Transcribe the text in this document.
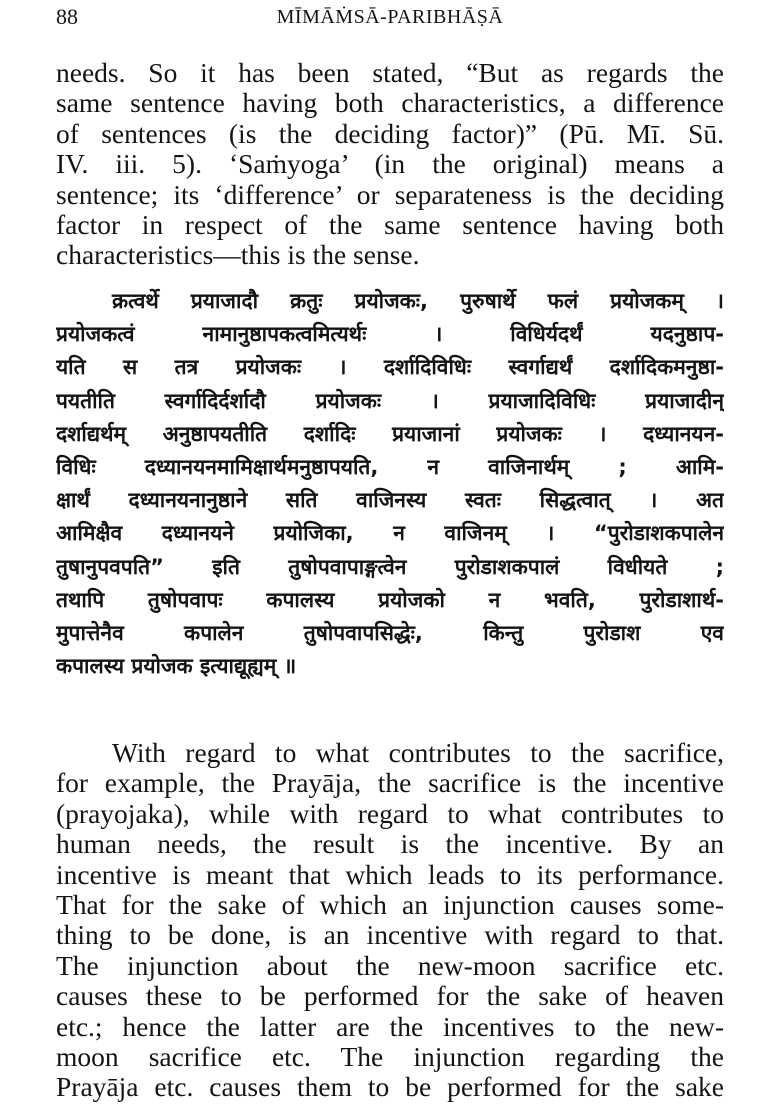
88	MĪMĀṀSĀ-PARIBHĀṢĀ
needs. So it has been stated, “But as regards the
same sentence having both characteristics, a difference
of sentences (is the deciding factor)” (Pū. Mī. Sū.
IV. iii. 5). ‘Saṁyoga’ (in the original) means a
sentence; its ‘difference’ or separateness is the deciding
factor in respect of the same sentence having both
characteristics—this is the sense.
क्रत्वर्थे प्रयाजादौ क्रतुः प्रयोजकः, पुरुषार्थे फलं प्रयोजकम् ।
प्रयोजकत्वं नामानुष्ठापकत्वमित्यर्थः । विधिर्यदर्थं यदनुष्ठाप-
यति स तत्र प्रयोजकः । दर्शादिविधिः स्वर्गाद्यर्थं दर्शादिकमनुष्ठा-
पयतीति स्वर्गादिर्दर्शादौ प्रयोजकः । प्रयाजादिविधिः प्रयाजादीन्
दर्शाद्यर्थम् अनुष्ठापयतीति दर्शादिः प्रयाजानां प्रयोजकः । दध्यानयन-
विधिः दध्यानयनमामिक्षार्थमनुष्ठापयति, न वाजिनार्थम् ; आमि-
क्षार्थं दध्यानयनानुष्ठाने सति वाजिनस्य स्वतः सिद्धत्वात् । अत
आमिक्षैव दध्यानयने प्रयोजिका, न वाजिनम् । “पुरोडाशकपालेन
तुषानुपवपति” इति तुषोपवापाङ्गत्वेन पुरोडाशकपालं विधीयते ;
तथापि तुषोपवापः कपालस्य प्रयोजको न भवति, पुरोडाशार्थ-
मुपात्तेनैव कपालेन तुषोपवापसिद्धेः, किन्तु पुरोडाश एव
कपालस्य प्रयोजक इत्याद्यूह्यम् ॥
With regard to what contributes to the sacrifice,
for example, the Prayāja, the sacrifice is the incentive
(prayojaka), while with regard to what contributes to
human needs, the result is the incentive. By an
incentive is meant that which leads to its performance.
That for the sake of which an injunction causes some-
thing to be done, is an incentive with regard to that.
The injunction about the new-moon sacrifice etc.
causes these to be performed for the sake of heaven
etc.; hence the latter are the incentives to the new-
moon sacrifice etc. The injunction regarding the
Prayāja etc. causes them to be performed for the sake
